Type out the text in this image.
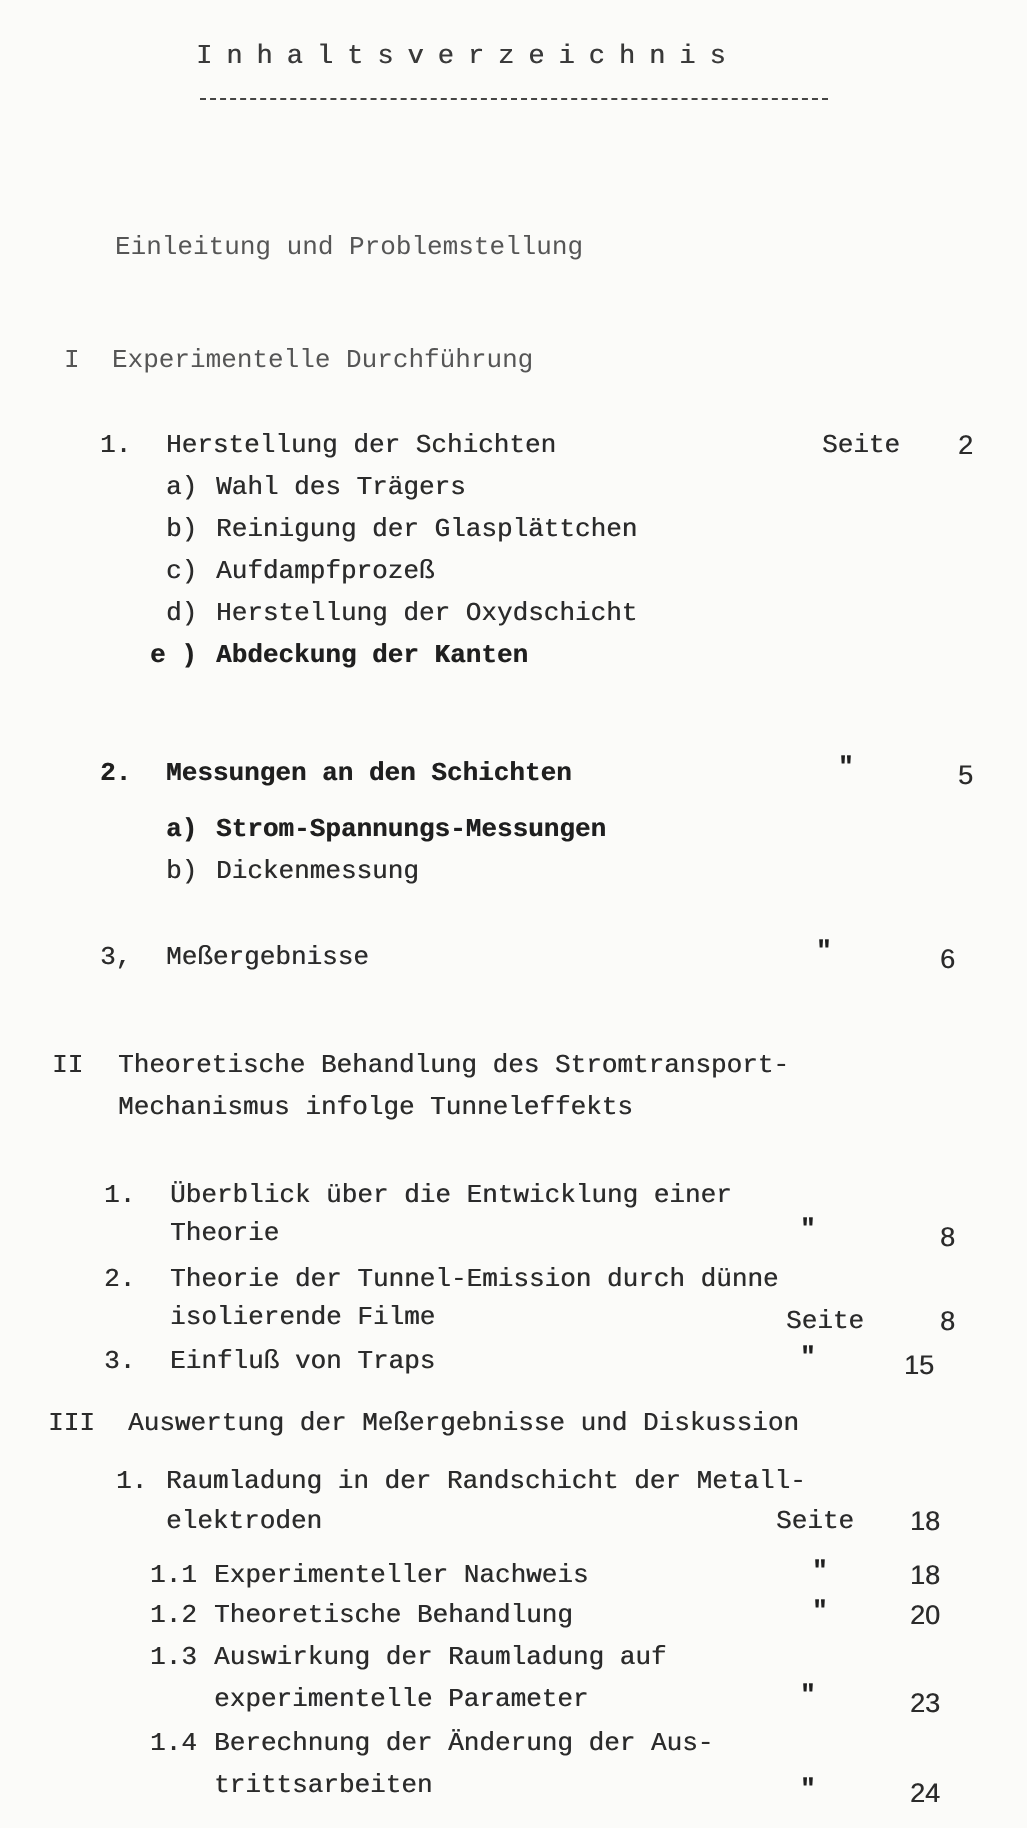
Inhaltsverzeichnis
Einleitung und Problemstellung
I Experimentelle Durchführung
1. Herstellung der Schichten	Seite 2
a) Wahl des Trägers
b) Reinigung der Glasplättchen
c) Aufdampfprozeß
d) Herstellung der Oxydschicht
e ) Abdeckung der Kanten
2. Messungen an den Schichten	"	5
a) Strom-Spannungs-Messungen
b) Dickenmessung
3, Meßergebnisse	"	6
II Theoretische Behandlung des Stromtransport-
Mechanismus infolge Tunneleffekts
1. Überblick über die Entwicklung einer
Theorie	"	8
2. Theorie der Tunnel-Emission durch dünne
isolierende Filme	Seite	8
3. Einfluß von Traps	"	15
III Auswertung der Meßergebnisse und Diskussion
1. Raumladung in der Randschicht der Metall-
elektroden	Seite 18
1.1 Experimenteller Nachweis	"	18
1.2 Theoretische Behandlung	"	20
1.3 Auswirkung der Raumladung auf
experimentelle Parameter	"	23
1.4 Berechnung der Änderung der Aus-
trittsarbeiten	"	24
